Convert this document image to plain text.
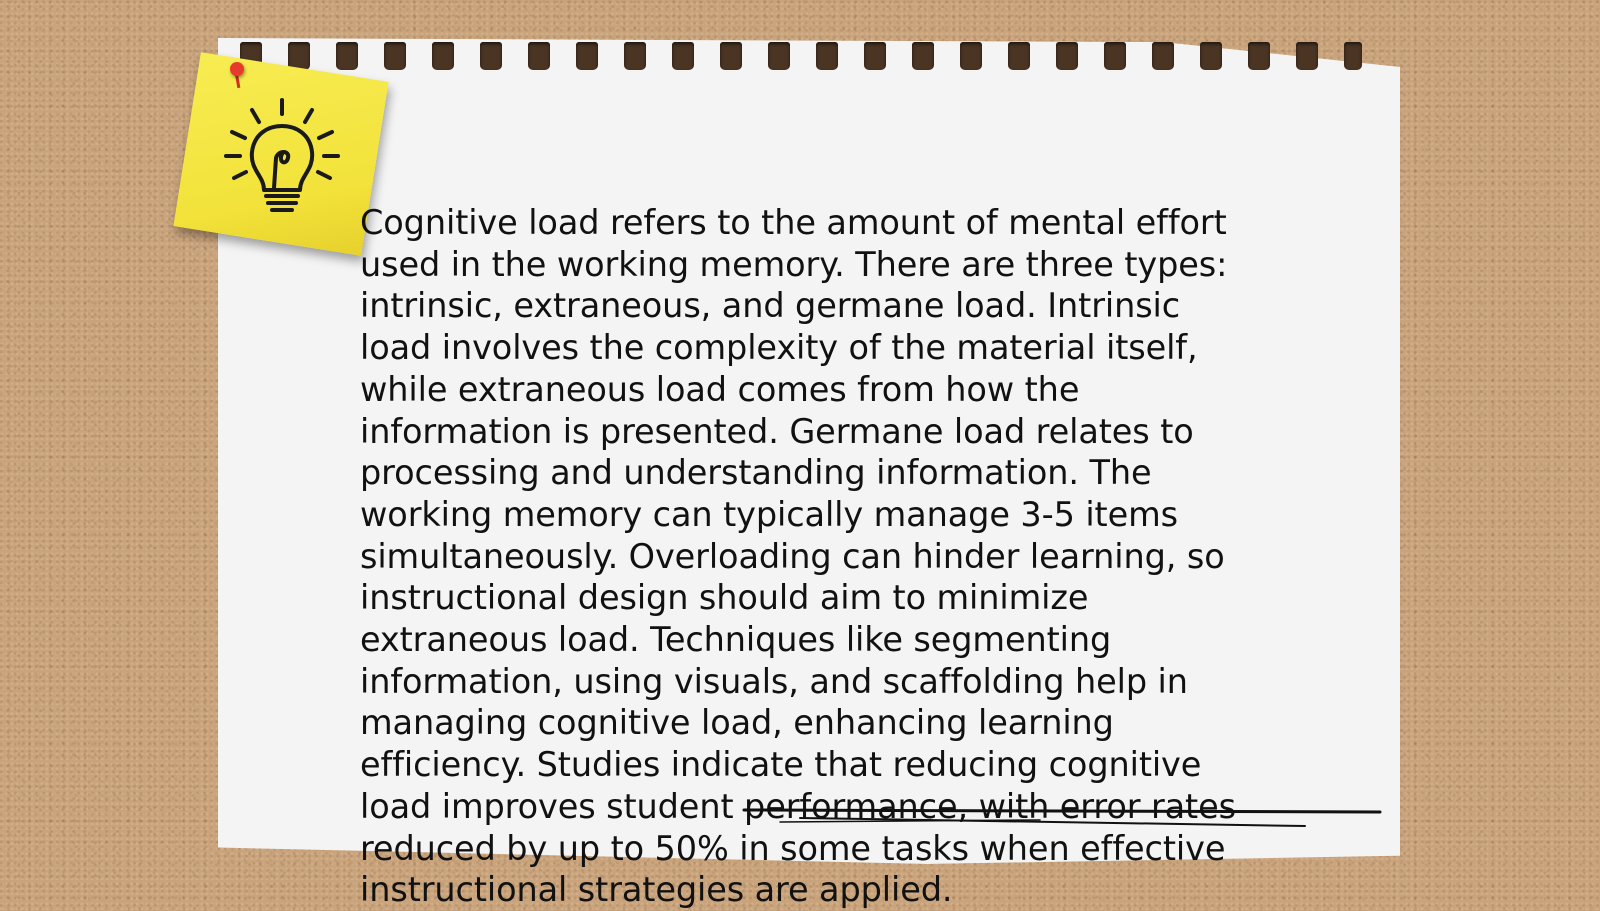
Cognitive load refers to the amount of mental effort used in the working memory. There are three types: intrinsic, extraneous, and germane load. Intrinsic load involves the complexity of the material itself, while extraneous load comes from how the information is presented. Germane load relates to processing and understanding information. The working memory can typically manage 3-5 items simultaneously. Overloading can hinder learning, so instructional design should aim to minimize extraneous load. Techniques like segmenting information, using visuals, and scaffolding help in managing cognitive load, enhancing learning efficiency. Studies indicate that reducing cognitive load improves student performance, with error rates reduced by up to 50% in some tasks when effective instructional strategies are applied.
